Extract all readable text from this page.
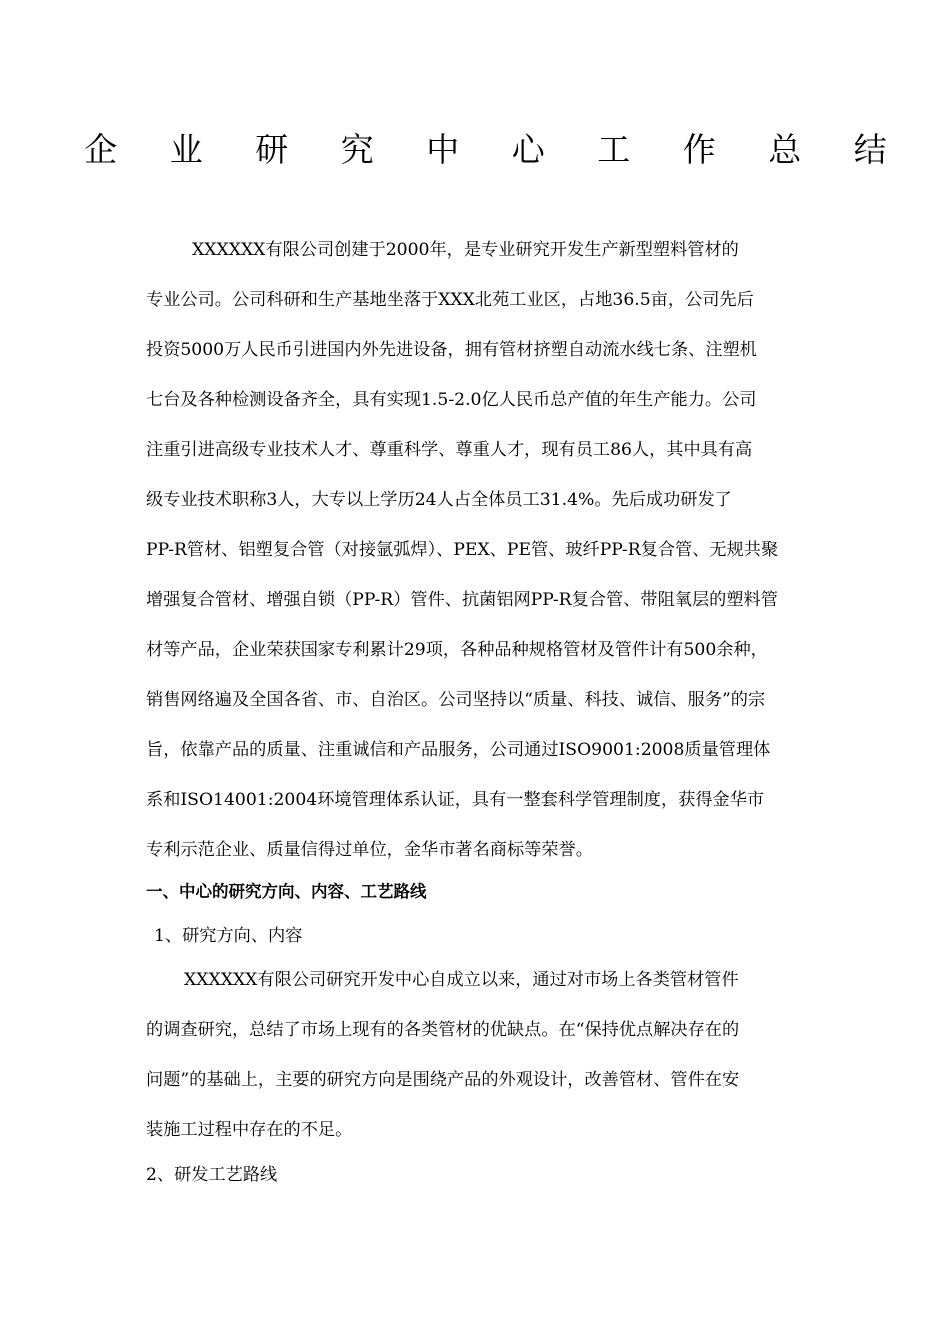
企 业 研 究 中 心 工 作 总 结

XXXXXX有限公司创建于2000年，是专业研究开发生产新型塑料管材的

专业公司。公司科研和生产基地坐落于XXX北苑工业区，占地36.5亩，公司先后

投资5000万人民币引进国内外先进设备，拥有管材挤塑自动流水线七条、注塑机

七台及各种检测设备齐全，具有实现1.5-2.0亿人民币总产值的年生产能力。公司

注重引进高级专业技术人才、尊重科学、尊重人才，现有员工86人，其中具有高

级专业技术职称3人，大专以上学历24人占全体员工31.4%。先后成功研发了

PP-R管材、铝塑复合管（对接氩弧焊）、PEX、PE管、玻纤PP-R复合管、无规共聚

增强复合管材、增强自锁（PP-R）管件、抗菌铝网PP-R复合管、带阻氧层的塑料管

材等产品，企业荣获国家专利累计29项，各种品种规格管材及管件计有500余种，

销售网络遍及全国各省、市、自治区。公司坚持以“质量、科技、诚信、服务”的宗

旨，依靠产品的质量、注重诚信和产品服务，公司通过ISO9001:2008质量管理体

系和ISO14001:2004环境管理体系认证，具有一整套科学管理制度，获得金华市

专利示范企业、质量信得过单位，金华市著名商标等荣誉。

一、中心的研究方向、内容、工艺路线
1、研究方向、内容

XXXXXX有限公司研究开发中心自成立以来，通过对市场上各类管材管件

的调查研究，总结了市场上现有的各类管材的优缺点。在“保持优点解决存在的

问题”的基础上，主要的研究方向是围绕产品的外观设计，改善管材、管件在安

装施工过程中存在的不足。

2、研发工艺路线
